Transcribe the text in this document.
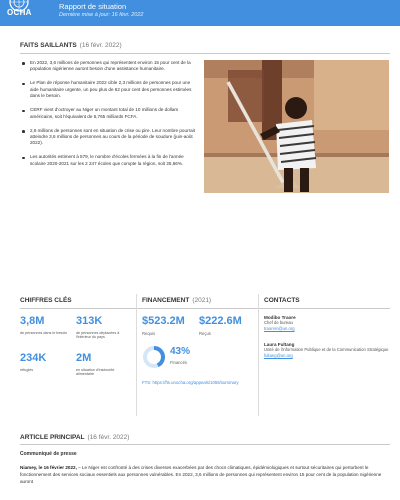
OCHA
Rapport de situation
Dernière mise à jour: 16 févr. 2022
FAITS SAILLANTS (16 févr. 2022)
En 2022, 3,6 millions de personnes qui représentent environ 15 pour cent de la population nigérienne auront besoin d'une assistance humanitaire.
Le Plan de réponse humanitaire 2022 cible 2,3 millions de personnes pour une aide humanitaire urgente, un peu plus de 62 pour cent des personnes estimées dans le besoin.
CERF vient d'octroyer au Niger un montant total de 10 millions de dollars américains, soit l'équivalent de 5,765 milliards FCFA.
2,6 millions de personnes sont en situation de crise ou pire. Leur nombre pourrait atteindre 3,6 millions de personnes au cours de la période de soudure (juin-août 2022).
Les autorités estiment à 579, le nombre d'écoles fermées à la fin de l'année scolaire 2020-2021 sur les 2 247 écoles que compte la région, soit 25,66%.
CHIFFRES CLÉS	FINANCEMENT (2021)	CONTACTS
3,8M
de personnes dans le besoin
313K
de personnes déplacées à l'intérieur du pays
234K
réfugiés
2M
en situation d'insécurité alimentaire
$523.2M
Requis
$222.6M
Reçus
43%
Financés
FTS: https://fts.unocha.org/appeals/1055/summary
Modibo Traore
Chef de bureau
traorem@un.org
Laura Fultang
Unité de l'information Publique et de la Communication Stratégique
fultang@un.org
ARTICLE PRINCIPAL (16 févr. 2022)
Communiqué de presse
Niamey, le 16 février 2022, – Le Niger est confronté à des crises diverses exacerbées par des chocs climatiques, épidémiologiques et surtout sécuritaires qui perturbent le fonctionnement des services sociaux essentiels aux personnes vulnérables. En 2022, 3,6 millions de personnes qui représentent environ 15 pour cent de la population nigérienne auront
